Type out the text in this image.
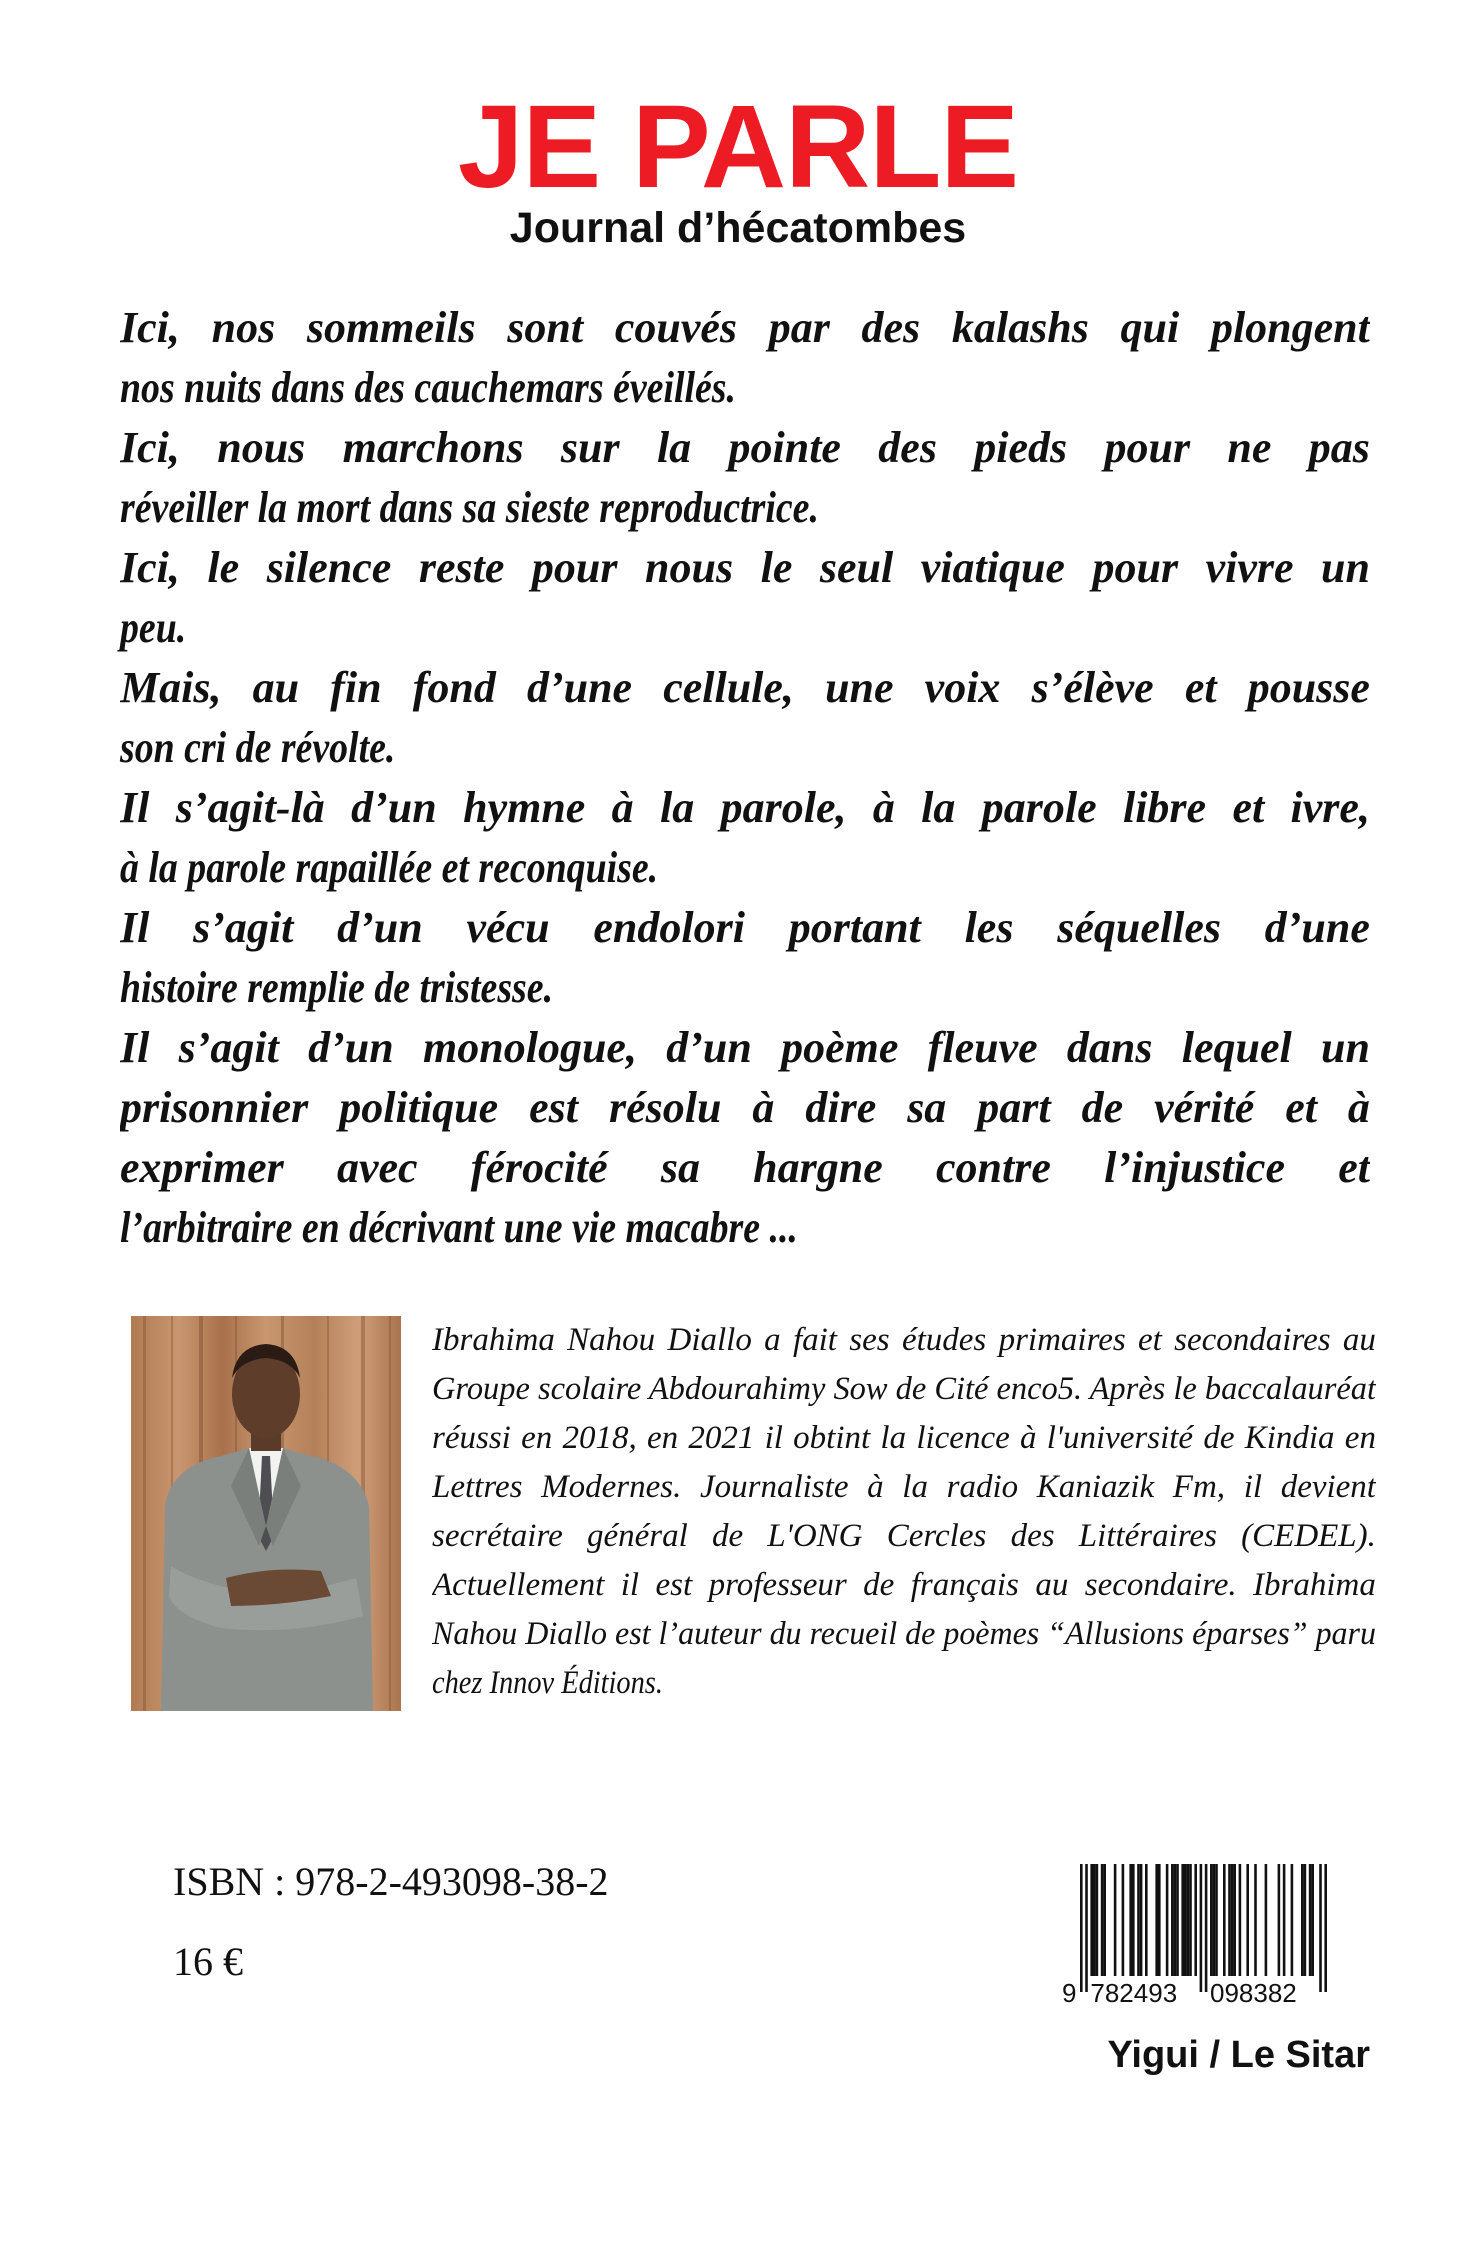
JE PARLE
Journal d’hécatombes
Ici, nos sommeils sont couvés par des kalashs qui plongent
nos nuits dans des cauchemars éveillés.
Ici, nous marchons sur la pointe des pieds pour ne pas
réveiller la mort dans sa sieste reproductrice.
Ici, le silence reste pour nous le seul viatique pour vivre un
peu.
Mais, au fin fond d’une cellule, une voix s’élève et pousse
son cri de révolte.
Il s’agit-là d’un hymne à la parole, à la parole libre et ivre,
à la parole rapaillée et reconquise.
Il s’agit d’un vécu endolori portant les séquelles d’une
histoire remplie de tristesse.
Il s’agit d’un monologue, d’un poème fleuve dans lequel un
prisonnier politique est résolu à dire sa part de vérité et à
exprimer avec férocité sa hargne contre l’injustice et
l’arbitraire en décrivant une vie macabre ...
Ibrahima Nahou Diallo a fait ses études primaires et secondaires au
Groupe scolaire Abdourahimy Sow de Cité enco5. Après le baccalauréat
réussi en 2018, en 2021 il obtint la licence à l'université de Kindia en
Lettres Modernes. Journaliste à la radio Kaniazik Fm, il devient
secrétaire général de L'ONG Cercles des Littéraires (CEDEL).
Actuellement il est professeur de français au secondaire. Ibrahima
Nahou Diallo est l’auteur du recueil de poèmes “Allusions éparses” paru
chez Innov Éditions.
ISBN : 978-2-493098-38-2
16 €
9 782493 098382
Yigui / Le Sitar
